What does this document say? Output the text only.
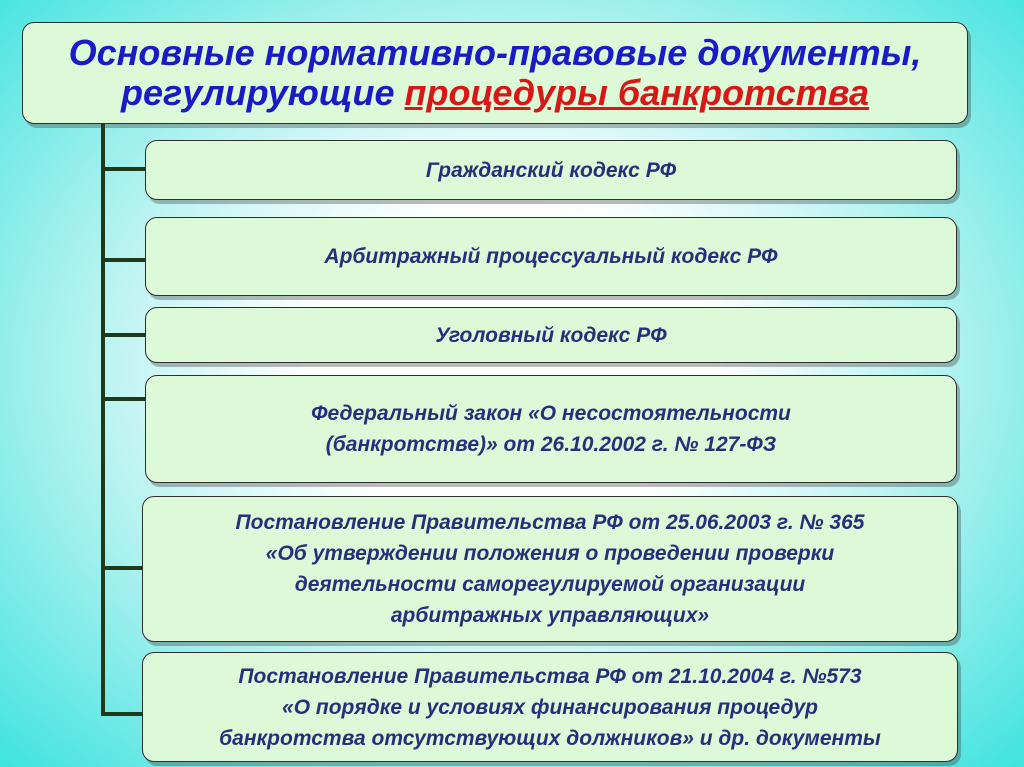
Основные нормативно-правовые документы,
регулирующие процедуры банкротства
Гражданский кодекс РФ
Арбитражный процессуальный кодекс РФ
Уголовный кодекс РФ
Федеральный закон «О несостоятельности
(банкротстве)» от 26.10.2002 г. № 127-ФЗ
Постановление Правительства РФ от 25.06.2003 г. № 365
«Об утверждении положения о проведении проверки
деятельности саморегулируемой организации
арбитражных управляющих»
Постановление Правительства РФ от 21.10.2004 г. №573
«О порядке и условиях финансирования процедур
банкротства отсутствующих должников» и др. документы
